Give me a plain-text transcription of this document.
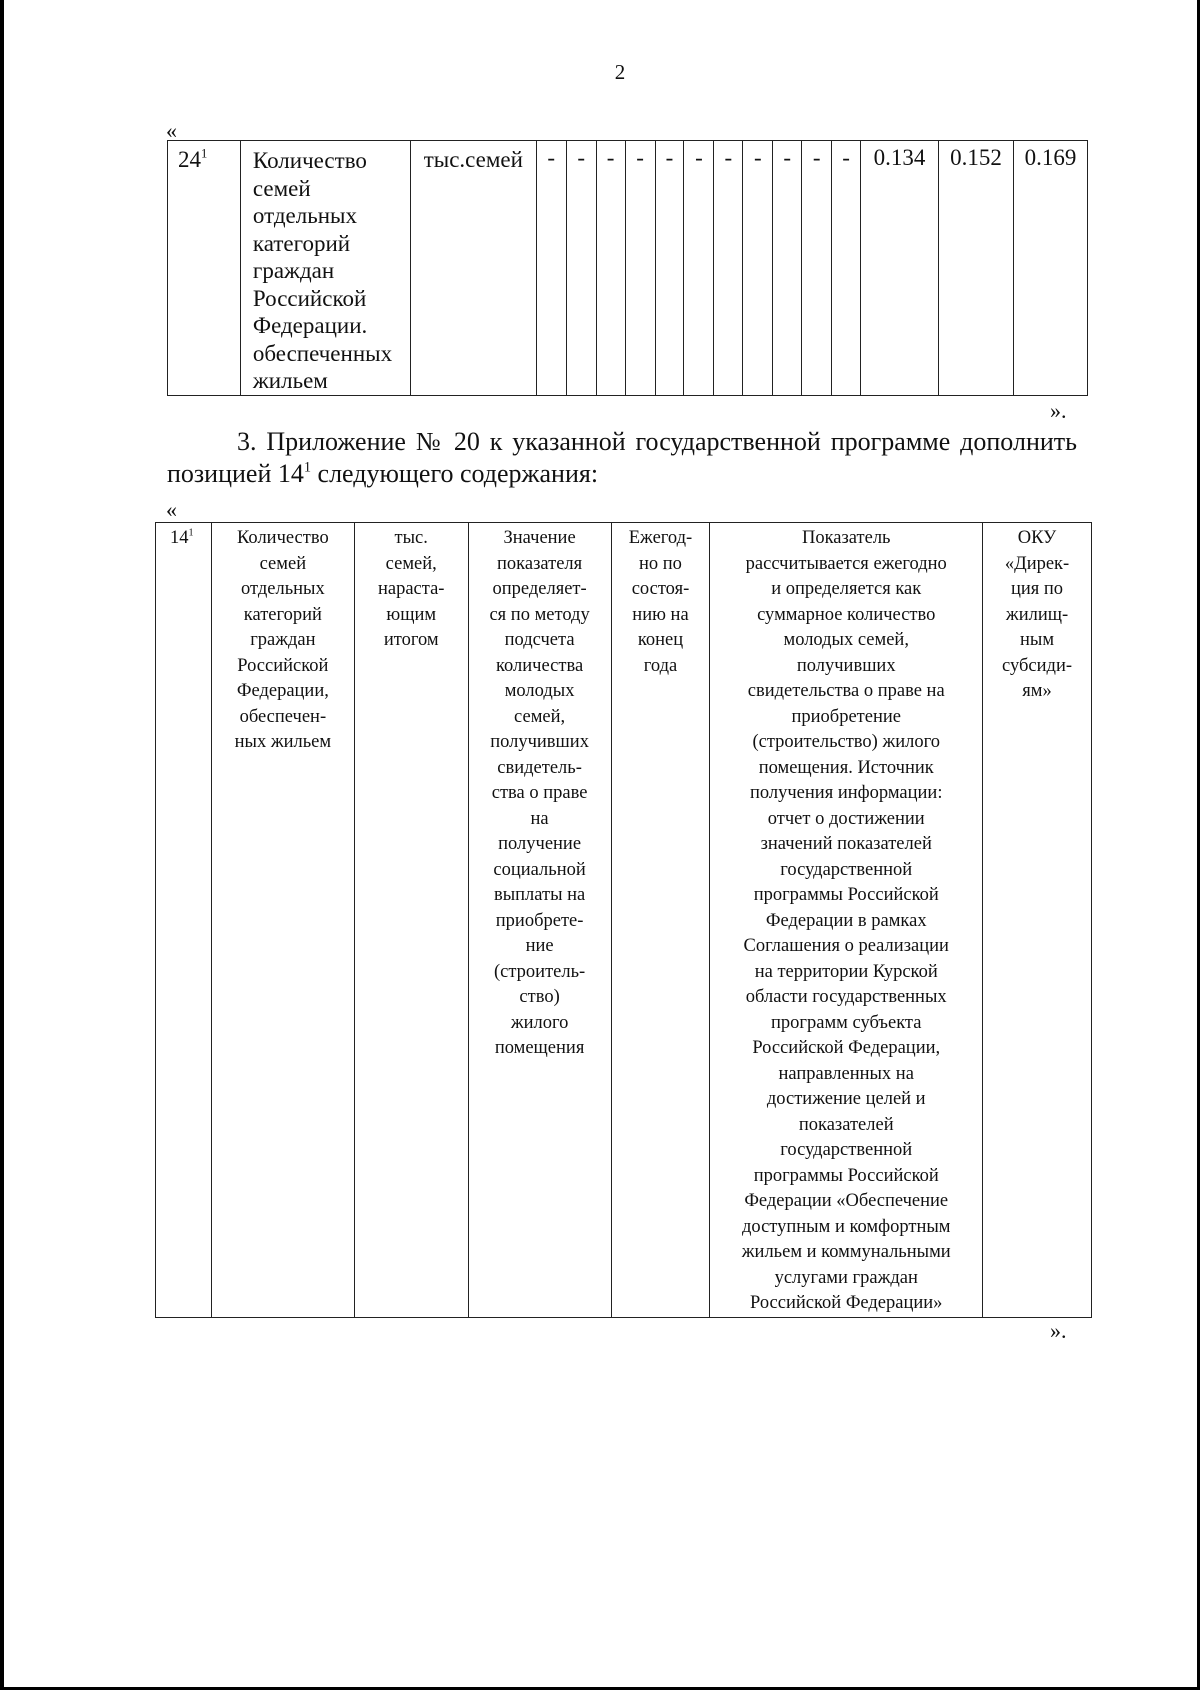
2
«
$24^1$	Количество
семей
отдельных
категорий
граждан
Российской
Федерации.
обеспеченных
жильем
	тыс.семей	-	-	-	-	-	-	-	-	-	-	-	0.134	0.152	0.169
».
3. Приложение № 20 к указанной государственной программе дополнить позицией $14^1$ следующего содержания:
«
$14^1$	Количество
семей
отдельных
категорий
граждан
Российской
Федерации,
обеспечен-
ных жильем

тыс.
семей,
нараста-
ющим
итогом

Значение
показателя
определяет-
ся по методу
подсчета
количества
молодых
семей,
получивших
свидетель-
ства о праве
на
получение
социальной
выплаты на
приобрете-
ние
(строитель-
ство)
жилого
помещения

Ежегод-
но по
состоя-
нию на
конец
года

Показатель
рассчитывается ежегодно
и определяется как
суммарное количество
молодых семей,
получивших
свидетельства о праве на
приобретение
(строительство) жилого
помещения. Источник
получения информации:
отчет о достижении
значений показателей
государственной
программы Российской
Федерации в рамках
Соглашения о реализации
на территории Курской
области государственных
программ субъекта
Российской Федерации,
направленных на
достижение целей и
показателей
государственной
программы Российской
Федерации «Обеспечение
доступным и комфортным
жильем и коммунальными
услугами граждан
Российской Федерации»

ОКУ
«Дирек-
ция по
жилищ-
ным
субсиди-
ям»
».
